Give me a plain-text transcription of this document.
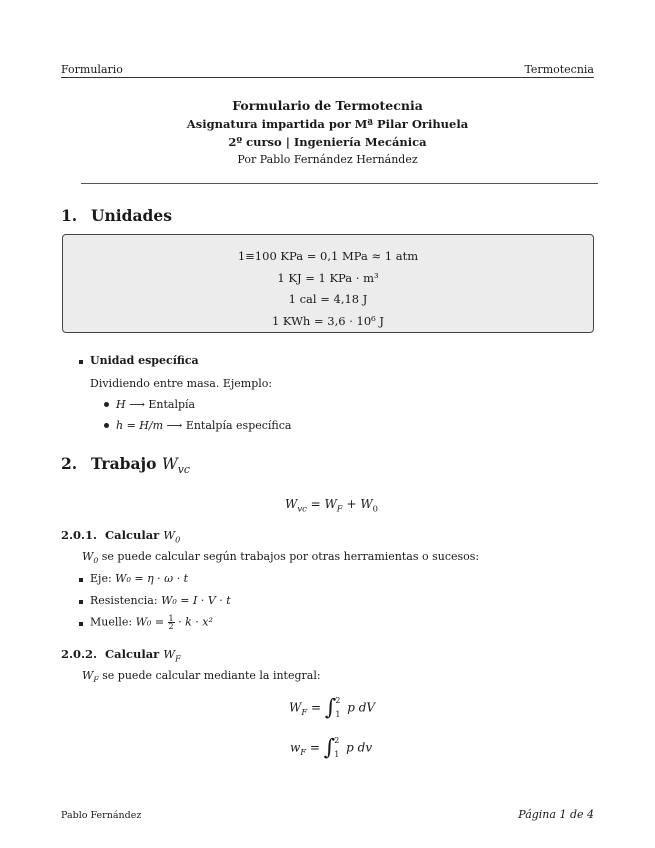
Formulario	Termotecnia
Formulario de Termotecnia
Asignatura impartida por Mª Pilar Orihuela
2º curso | Ingeniería Mecánica
Por Pablo Fernández Hernández
1. Unidades
1≡100 KPa = 0,1 MPa ≈ 1 atm
1 KJ = 1 KPa · m³
1 cal = 4,18 J
1 KWh = 3,6 · 10⁶ J
Unidad específica
Dividiendo entre masa. Ejemplo:
H ⟶ Entalpía
h = H/m ⟶ Entalpía específica
2. Trabajo $W_{vc}$
$W_{vc} = W_F + W_0$
2.0.1. Calcular $W_0$
$W_0$ se puede calcular según trabajos por otras herramientas o sucesos:
Eje: W₀ = η · ω · t
Resistencia: W₀ = I · V · t
Muelle: $W_0 = \frac{1}{2} \cdot k \cdot x^2$
2.0.2. Calcular $W_F$
$W_F$ se puede calcular mediante la integral:
$W_F$ = ∫ 2
1 p dV
$w_F$ = ∫ 2
1 p dv
Pablo Fernández	Página 1 de 4
